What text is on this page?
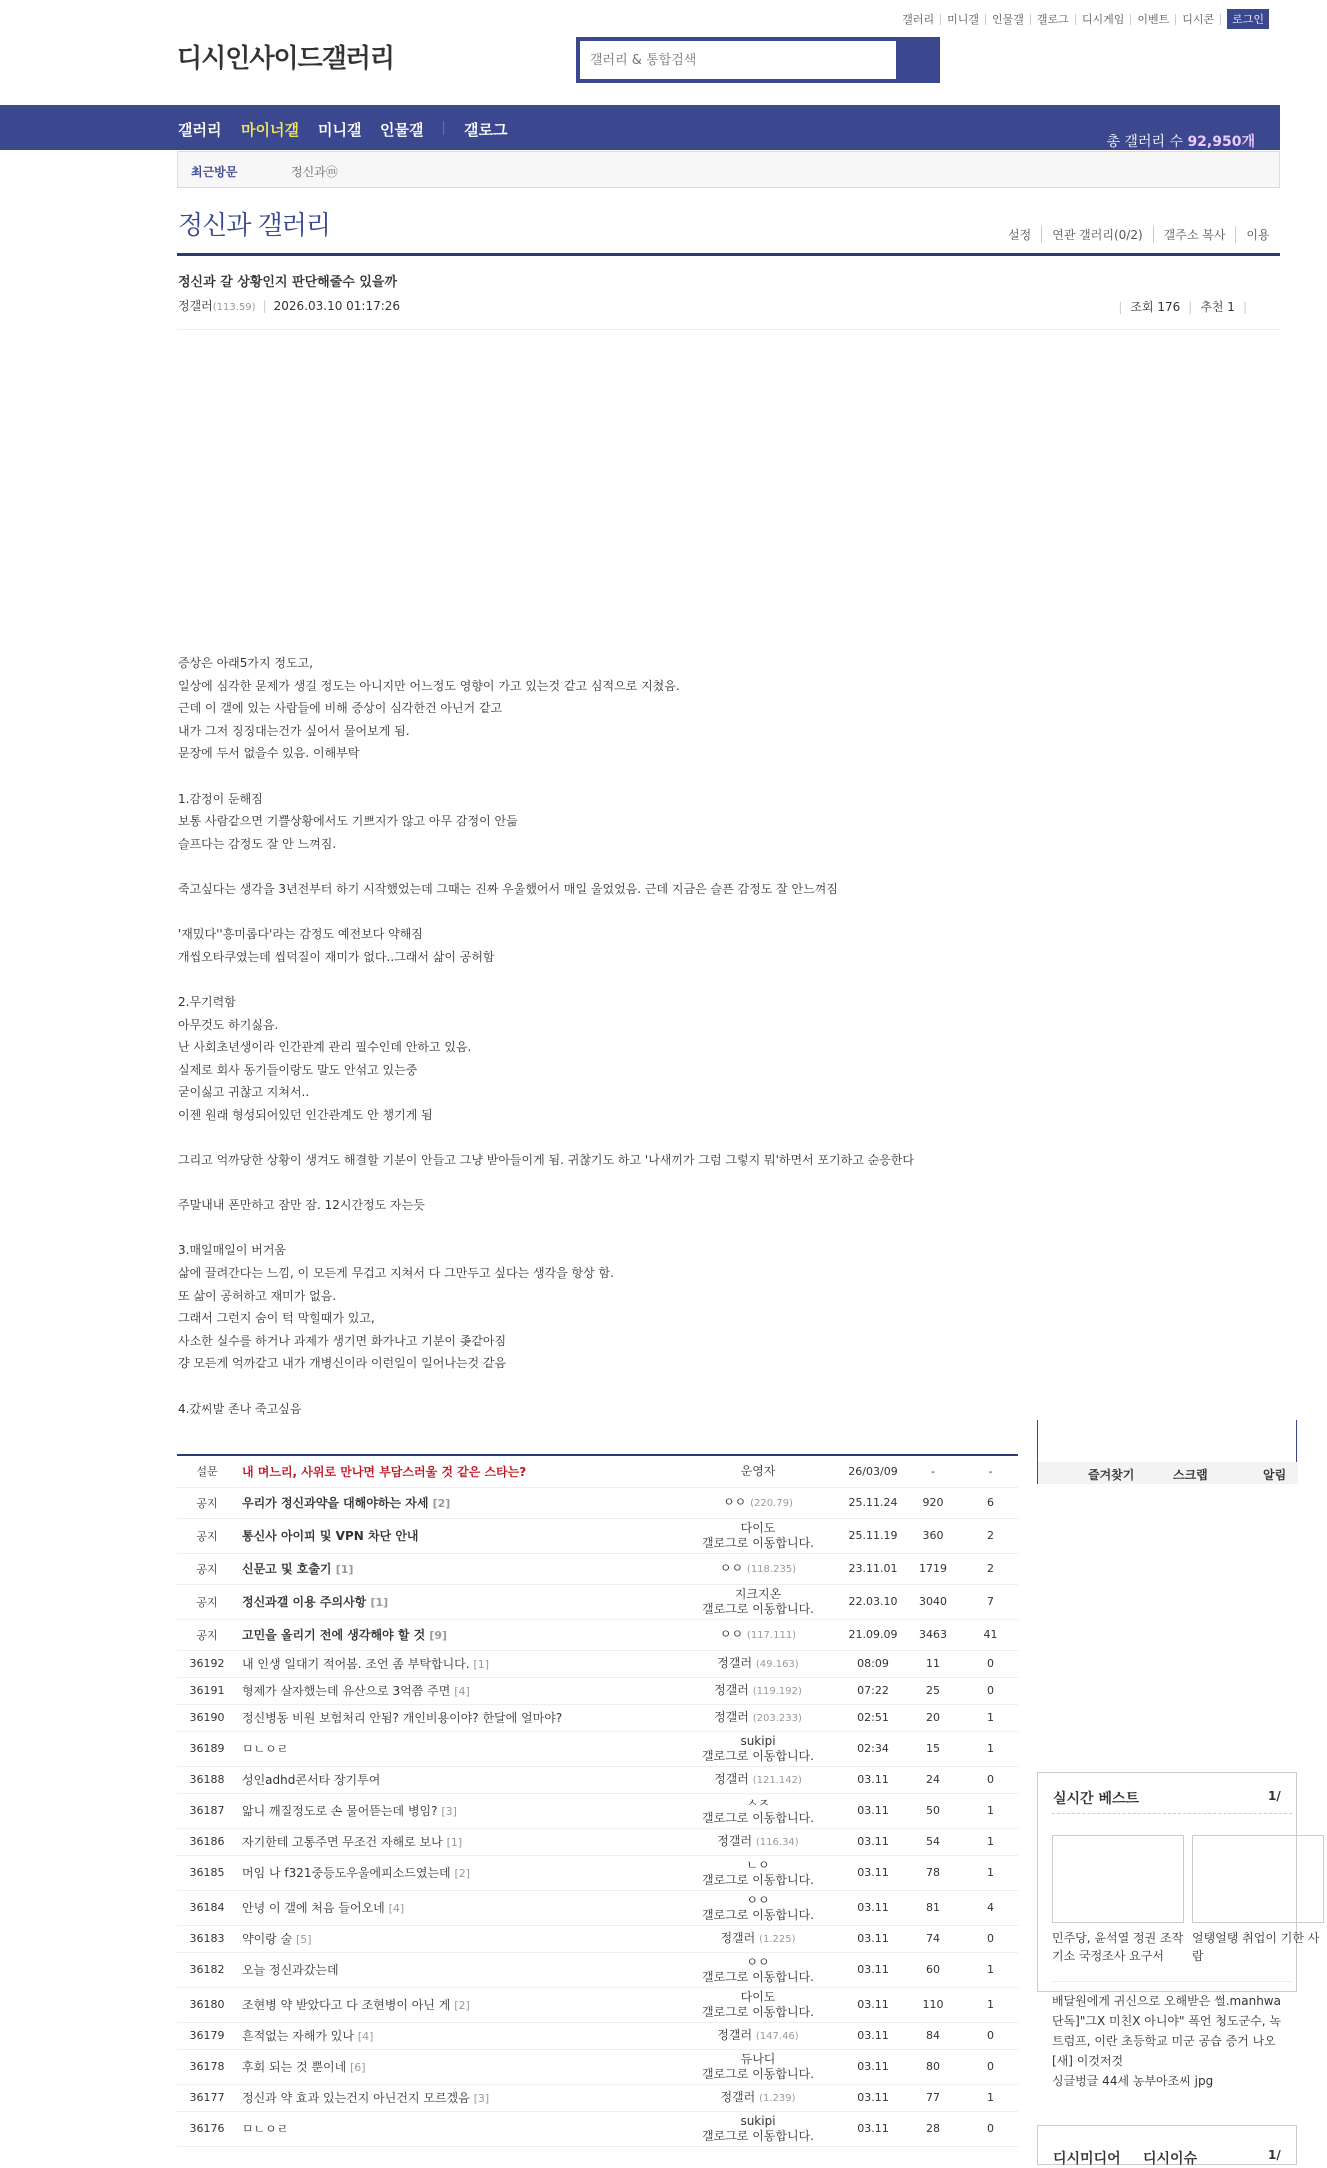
갤러리	미니갤	인물갤	갤로그	디시게임	이벤트	디시콘	로그인
디시인사이드갤러리
갤러리 & 통합검색
갤러리 마이너갤 미니갤 인물갤	갤로그
총 갤러리 수 92,950개
최근방문	정신과ⓜ
정신과 갤러리	설정	연관 갤러리(0/2)	갤주소 복사	이용
정신과 갈 상황인지 판단해줄수 있을까
정갤러(113.59) | 2026.03.10 01:17:26	| 조회 176 | 추천 1 |

증상은 아래5가지 정도고,

일상에 심각한 문제가 생길 정도는 아니지만 어느정도 영향이 가고 있는것 같고 심적으로 지쳤음.

근데 이 갤에 있는 사람들에 비해 증상이 심각한건 아닌거 같고

내가 그저 징징대는건가 싶어서 물어보게 됨.

문장에 두서 없을수 있음. 이해부탁

1.감정이 둔해짐

보통 사람같으면 기쁠상황에서도 기쁘지가 않고 아무 감정이 안듦

슬프다는 감정도 잘 안 느껴짐.

죽고싶다는 생각을 3년전부터 하기 시작했었는데 그때는 진짜 우울했어서 매일 울었었음. 근데 지금은 슬픈 감정도 잘 안느껴짐

'재밌다''흥미롭다'라는 감정도 예전보다 약해짐

개씹오타쿠였는데 씹덕질이 재미가 없다..그래서 삶이 공허함

2.무기력함

아무것도 하기싫음.

난 사회초년생이라 인간관계 관리 필수인데 안하고 있음.

실제로 회사 동기들이랑도 말도 안섞고 있는중

굳이싫고 귀찮고 지쳐서..

이젠 원래 형성되어있던 인간관계도 안 챙기게 됨

그리고 억까당한 상황이 생겨도 해결할 기분이 안들고 그냥 받아들이게 됨. 귀찮기도 하고 '나새끼가 그럼 그렇지 뭐'하면서 포기하고 순응한다

주말내내 폰만하고 잠만 잠. 12시간정도 자는듯

3.매일매일이 버거움

삶에 끌려간다는 느낌, 이 모든게 무겁고 지쳐서 다 그만두고 싶다는 생각을 항상 함.

또 삶이 공허하고 재미가 없음.

그래서 그런지 숨이 턱 막힐때가 있고,

사소한 실수를 하거나 과제가 생기면 화가나고 기분이 좆같아짐

걍 모든게 억까같고 내가 개병신이라 이런일이 일어나는것 같음

4.갔씨발 존나 죽고싶음

즐겨찾기	스크랩	알림
설문	내 며느리, 사위로 만나면 부담스러울 것 같은 스타는?	운영자	26/03/09	-	-
공지	우리가 정신과약을 대해야하는 자세 [2]	ㅇㅇ (220.79)	25.11.24	920	6
공지	통신사 아이피 및 VPN 차단 안내	다이도
갤로그로 이동합니다.	25.11.19	360	2
공지	신문고 및 호출기 [1]	ㅇㅇ (118.235)	23.11.01	1719	2
공지	정신과갤 이용 주의사항 [1]	지크지온
갤로그로 이동합니다.	22.03.10	3040	7
공지	고민을 올리기 전에 생각해야 할 것 [9]	ㅇㅇ (117.111)	21.09.09	3463	41
36192	내 인생 일대기 적어봄. 조언 좀 부탁합니다. [1]	정갤러 (49.163)	08:09	11	0
36191	형제가 살자했는데 유산으로 3억쯤 주면 [4]	정갤러 (119.192)	07:22	25	0
36190	정신병동 비원 보험처리 안됨? 개인비용이야? 한달에 얼마야?	정갤러 (203.233)	02:51	20	1
36189	ㅁㄴㅇㄹ	sukipi
갤로그로 이동합니다.	02:34	15	1
36188	성인adhd콘서타 장기투여	정갤러 (121.142)	03.11	24	0
36187	앎니 깨질정도로 손 물어뜯는데 병임? [3]	ㅅㅈ
갤로그로 이동합니다.	03.11	50	1
36186	자기한테 고통주면 무조건 자해로 보나 [1]	정갤러 (116.34)	03.11	54	1
36185	머임 나 f321중등도우울에피소드였는데 [2]	ㄴㅇ
갤로그로 이동합니다.	03.11	78	1
36184	안녕 이 갤에 처음 들어오네 [4]	ㅇㅇ
갤로그로 이동합니다.	03.11	81	4
36183	약이랑 술 [5]	정갤러 (1.225)	03.11	74	0
36182	오늘 정신과갔는데	ㅇㅇ
갤로그로 이동합니다.	03.11	60	1
36180	조현병 약 받았다고 다 조현병이 아닌 게 [2]	다이도
갤로그로 이동합니다.	03.11	110	1
36179	흔적없는 자해가 있나 [4]	정갤러 (147.46)	03.11	84	0
36178	후회 되는 것 뿐이네 [6]	듀나디
갤로그로 이동합니다.	03.11	80	0
36177	정신과 약 효과 있는건지 아닌건지 모르겠음 [3]	정갤러 (1.239)	03.11	77	1
36176	ㅁㄴㅇㄹ	sukipi
갤로그로 이동합니다.	03.11	28	0
실시간 베스트	1/
민주당, 윤석열 정권 조작기소 국정조사 요구서
얼탱얼탱 취업이 기한 사람
배달원에게 귀신으로 오해받은 썰.manhwa
단독]"그X 미친X 아니야" 폭언 청도군수, 녹
트럼프, 이란 초등학교 미군 공습 증거 나오
[새] 이것저것
싱글벙글 44세 농부아조씨 jpg
디시미디어 디시이슈	1/
